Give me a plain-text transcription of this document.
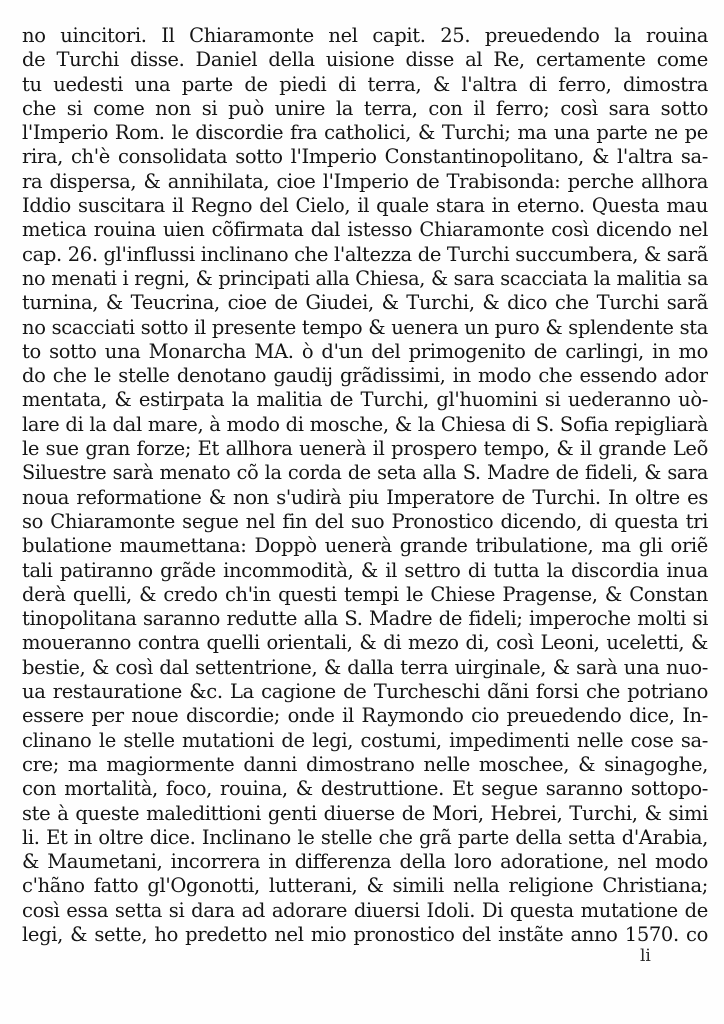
no uincitori. Il Chiaramonte nel capit. 25. preuedendo la rouina
de Turchi disse. Daniel della uisione disse al Re, certamente come
tu uedesti una parte de piedi di terra, & l'altra di ferro, dimostra
che si come non si può unire la terra, con il ferro; così sara sotto
l'Imperio Rom. le discordie fra catholici, & Turchi; ma una parte ne pe
rira, ch'è consolidata sotto l'Imperio Constantinopolitano, & l'altra sa-
ra dispersa, & annihilata, cioe l'Imperio de Trabisonda: perche allhora
Iddio suscitara il Regno del Cielo, il quale stara in eterno. Questa mau
metica rouina uien cõfirmata dal istesso Chiaramonte così dicendo nel
cap. 26. gl'influssi inclinano che l'altezza de Turchi succumbera, & sarã
no menati i regni, & principati alla Chiesa, & sara scacciata la malitia sa
turnina, & Teucrina, cioe de Giudei, & Turchi, & dico che Turchi sarã
no scacciati sotto il presente tempo & uenera un puro & splendente sta
to sotto una Monarcha MA. ò d'un del primogenito de carlingi, in mo
do che le stelle denotano gaudij grãdissimi, in modo che essendo ador
mentata, & estirpata la malitia de Turchi, gl'huomini si uederanno uò-
lare di la dal mare, à modo di mosche, & la Chiesa di S. Sofia repigliarà
le sue gran forze; Et allhora uenerà il prospero tempo, & il grande Leõ
Siluestre sarà menato cõ la corda de seta alla S. Madre de fideli, & sara
noua reformatione & non s'udirà piu Imperatore de Turchi. In oltre es
so Chiaramonte segue nel fin del suo Pronostico dicendo, di questa tri
bulatione maumettana: Doppò uenerà grande tribulatione, ma gli oriẽ
tali patiranno grãde incommodità, & il settro di tutta la discordia inua
derà quelli, & credo ch'in questi tempi le Chiese Pragense, & Constan
tinopolitana saranno redutte alla S. Madre de fideli; imperoche molti si
moueranno contra quelli orientali, & di mezo di, così Leoni, uceletti, &
bestie, & così dal settentrione, & dalla terra uirginale, & sarà una nuo-
ua restauratione &c. La cagione de Turcheschi dãni forsi che potriano
essere per noue discordie; onde il Raymondo cio preuedendo dice, In-
clinano le stelle mutationi de legi, costumi, impedimenti nelle cose sa-
cre; ma magiormente danni dimostrano nelle moschee, & sinagoghe,
con mortalità, foco, rouina, & destruttione. Et segue saranno sottopo-
ste à queste maledittioni genti diuerse de Mori, Hebrei, Turchi, & simi
li. Et in oltre dice. Inclinano le stelle che grã parte della setta d'Arabia,
& Maumetani, incorrera in differenza della loro adoratione, nel modo
c'hãno fatto gl'Ogonotti, lutterani, & simili nella religione Christiana;
così essa setta si dara ad adorare diuersi Idoli. Di questa mutatione de
legi, & sette, ho predetto nel mio pronostico del instãte anno 1570. co
li
